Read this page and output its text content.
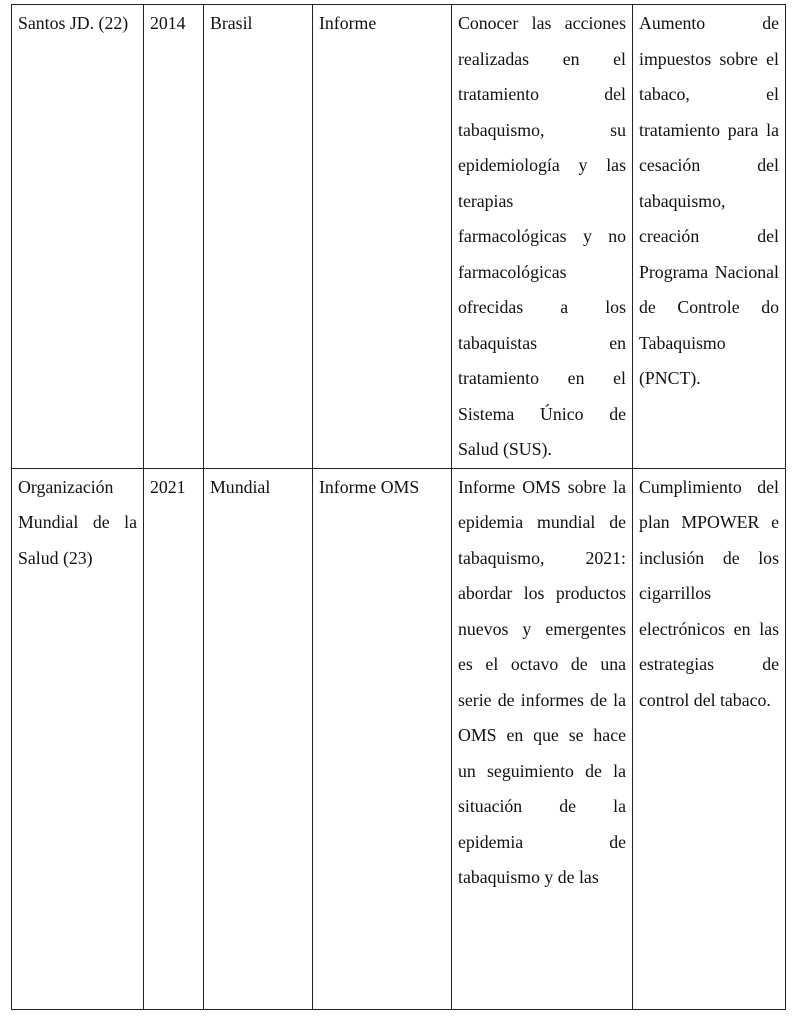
Santos JD. (22)	2014	Brasil	Informe	Conocer las acciones realizadas en el tratamiento del tabaquismo, su epidemiología y las terapias farmacológicas y no farmacológicas ofrecidas a los tabaquistas en tratamiento en el Sistema Único de Salud (SUS).	Aumento de impuestos sobre el tabaco, el tratamiento para la cesación del tabaquismo, creación del Programa Nacional de Controle do Tabaquismo (PNCT).

Organización Mundial de la Salud (23)	2021	Mundial	Informe OMS	Informe OMS sobre la epidemia mundial de tabaquismo, 2021: abordar los productos nuevos y emergentes es el octavo de una serie de informes de la OMS en que se hace un seguimiento de la situación de la epidemia de tabaquismo y de las	Cumplimiento del plan MPOWER e inclusión de los cigarrillos electrónicos en las estrategias de control del tabaco.
